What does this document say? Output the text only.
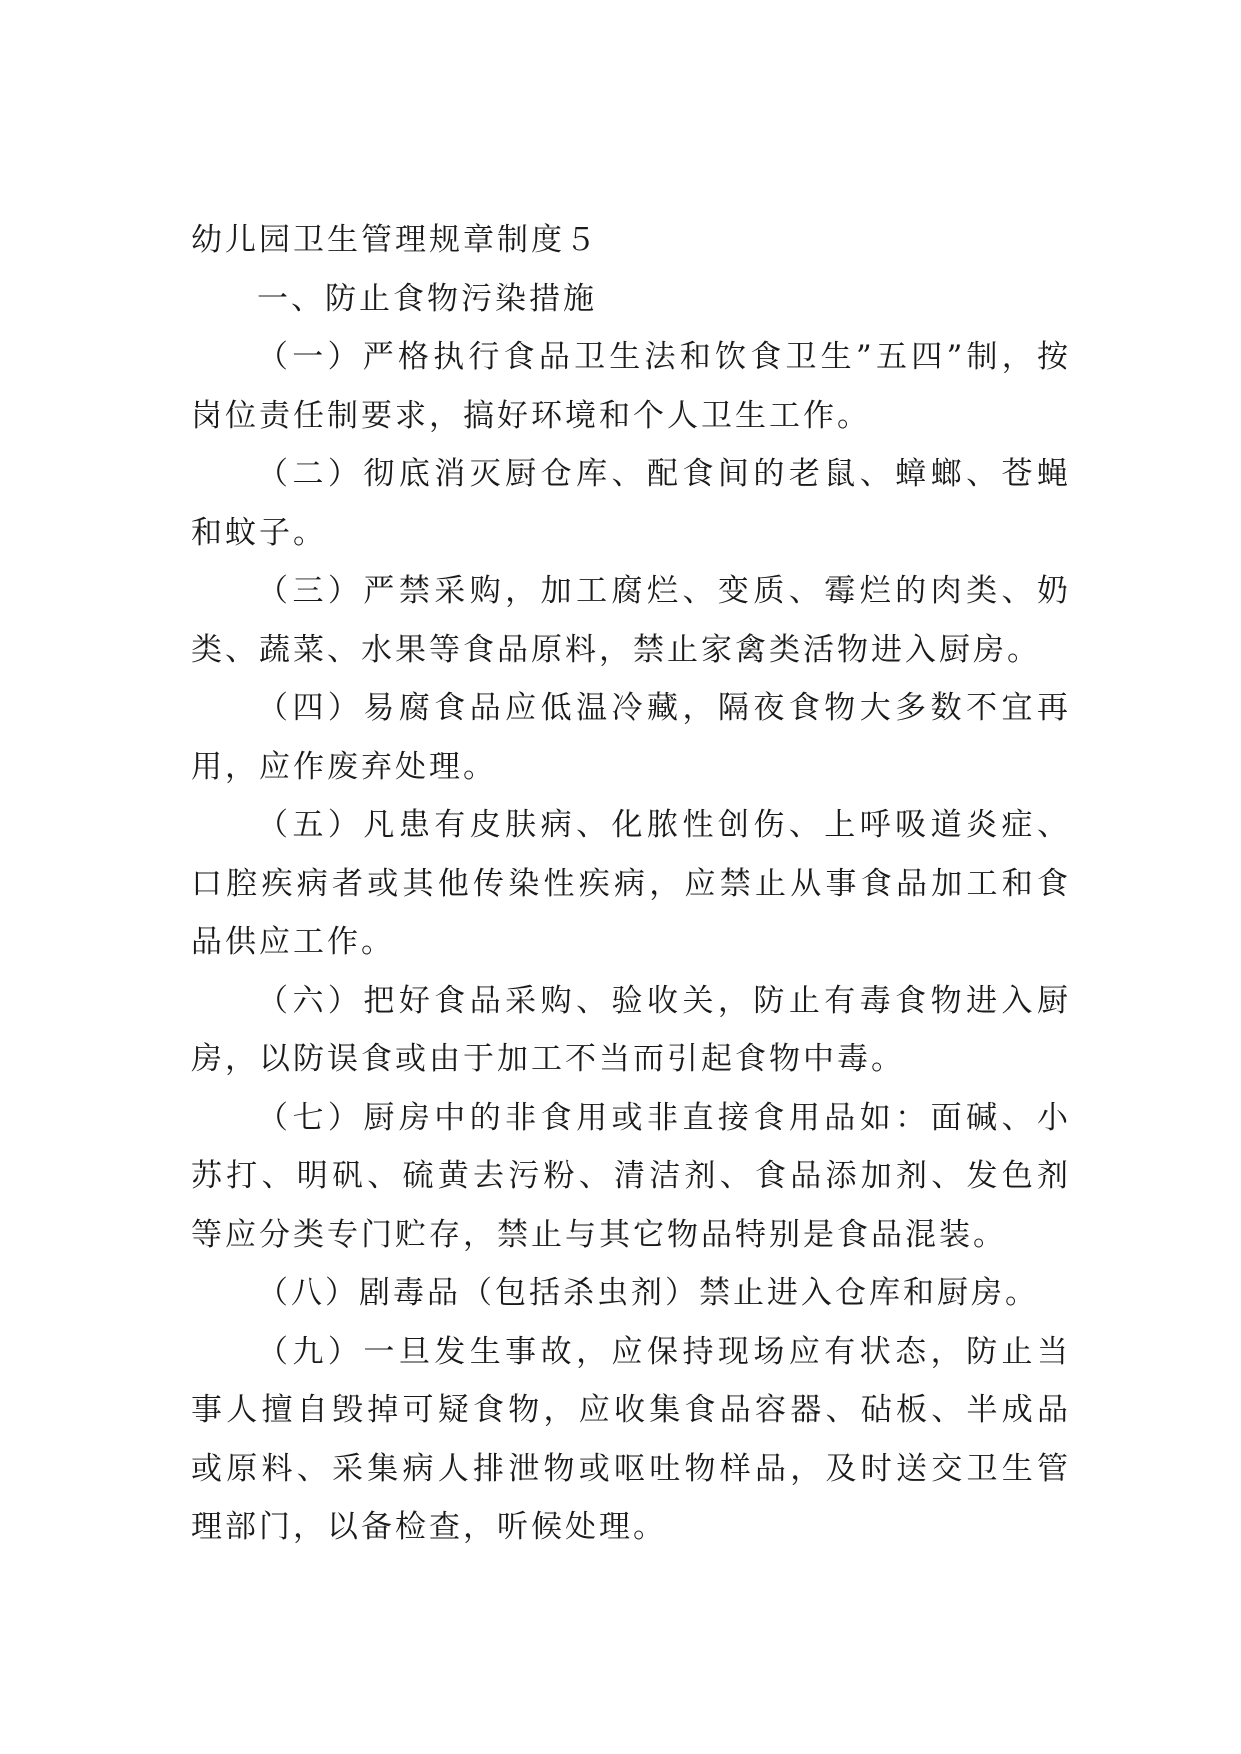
幼儿园卫生管理规章制度５

一、防止食物污染措施

（一）严格执行食品卫生法和饮食卫生”五四”制，按岗位责任制要求，搞好环境和个人卫生工作。

（二）彻底消灭厨仓库、配食间的老鼠、蟑螂、苍蝇和蚊子。

（三）严禁采购，加工腐烂、变质、霉烂的肉类、奶类、蔬菜、水果等食品原料，禁止家禽类活物进入厨房。

（四）易腐食品应低温冷藏，隔夜食物大多数不宜再用，应作废弃处理。

（五）凡患有皮肤病、化脓性创伤、上呼吸道炎症、口腔疾病者或其他传染性疾病，应禁止从事食品加工和食品供应工作。

（六）把好食品采购、验收关，防止有毒食物进入厨房，以防误食或由于加工不当而引起食物中毒。

（七）厨房中的非食用或非直接食用品如：面碱、小苏打、明矾、硫黄去污粉、清洁剂、食品添加剂、发色剂等应分类专门贮存，禁止与其它物品特别是食品混装。

（八）剧毒品（包括杀虫剂）禁止进入仓库和厨房。

（九）一旦发生事故，应保持现场应有状态，防止当事人擅自毁掉可疑食物，应收集食品容器、砧板、半成品或原料、采集病人排泄物或呕吐物样品，及时送交卫生管理部门，以备检查，听候处理。
